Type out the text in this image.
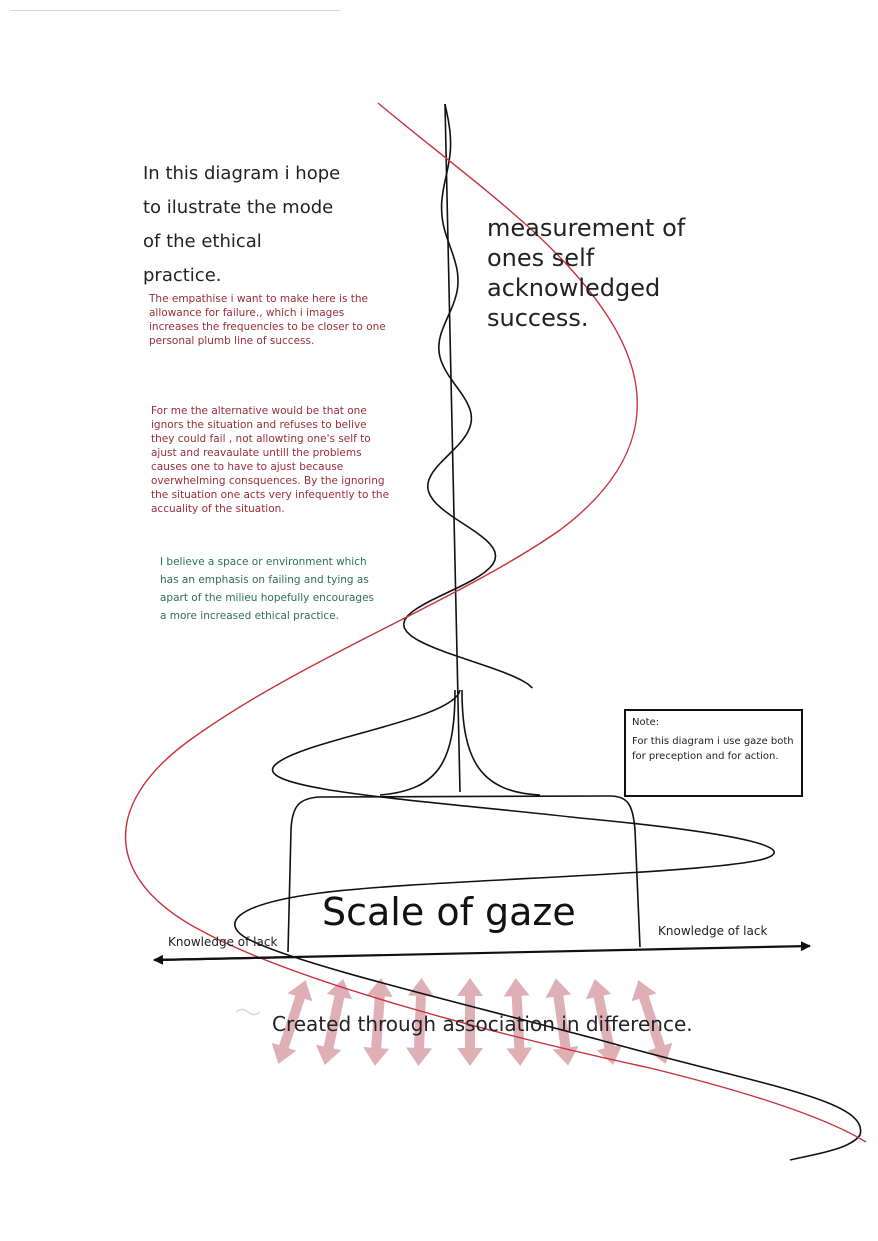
In this diagram i hope
to ilustrate the mode
of the ethical
practice.
The empathise i want to make here is the allowance for failure., which i images increases the frequencies to be closer to one personal plumb line of success.
For me the alternative would be that one ignors the situation and refuses to belive they could fail , not allowting one's self to ajust and reavaulate untill the problems causes one to have to ajust because overwhelming consquences. By the ignoring the situation one acts very infequently to the accuality of the situation.
I believe a space or environment which has an emphasis on failing and tying as apart of the milieu hopefully encourages a more increased ethical practice.
measurement of
ones self
acknowledged
success.
Note:
For this diagram i use gaze both for preception and for action.
Scale of gaze
Knowledge of lack
Knowledge of lack
Created through association in difference.
